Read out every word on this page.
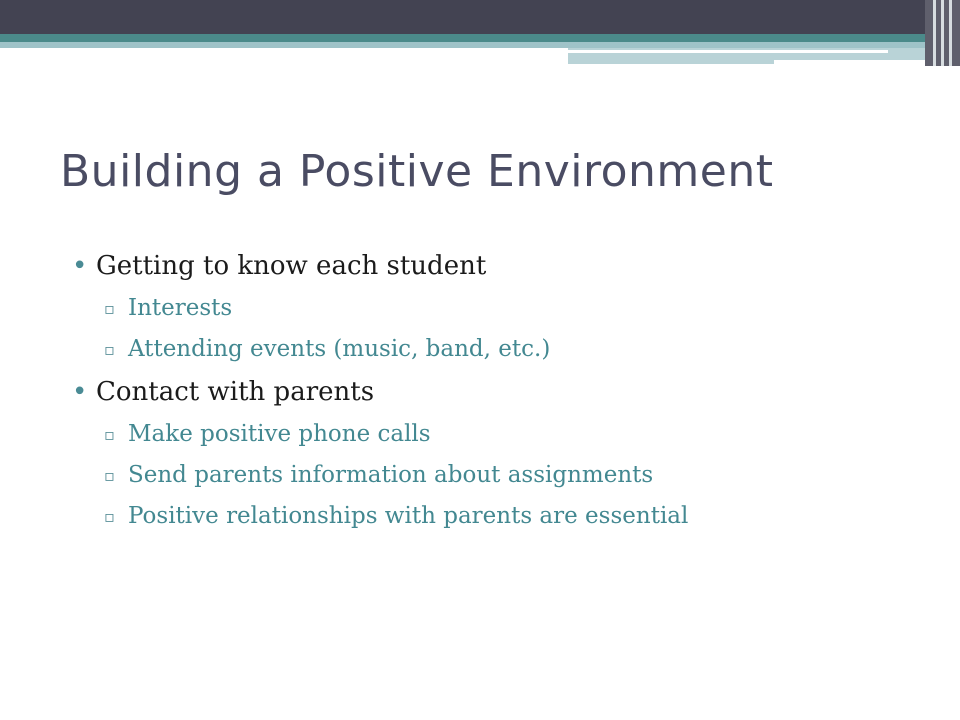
Building a Positive Environment
• Getting to know each student
▫ Interests
▫ Attending events (music, band, etc.)
• Contact with parents
▫ Make positive phone calls
▫ Send parents information about assignments
▫ Positive relationships with parents are essential
